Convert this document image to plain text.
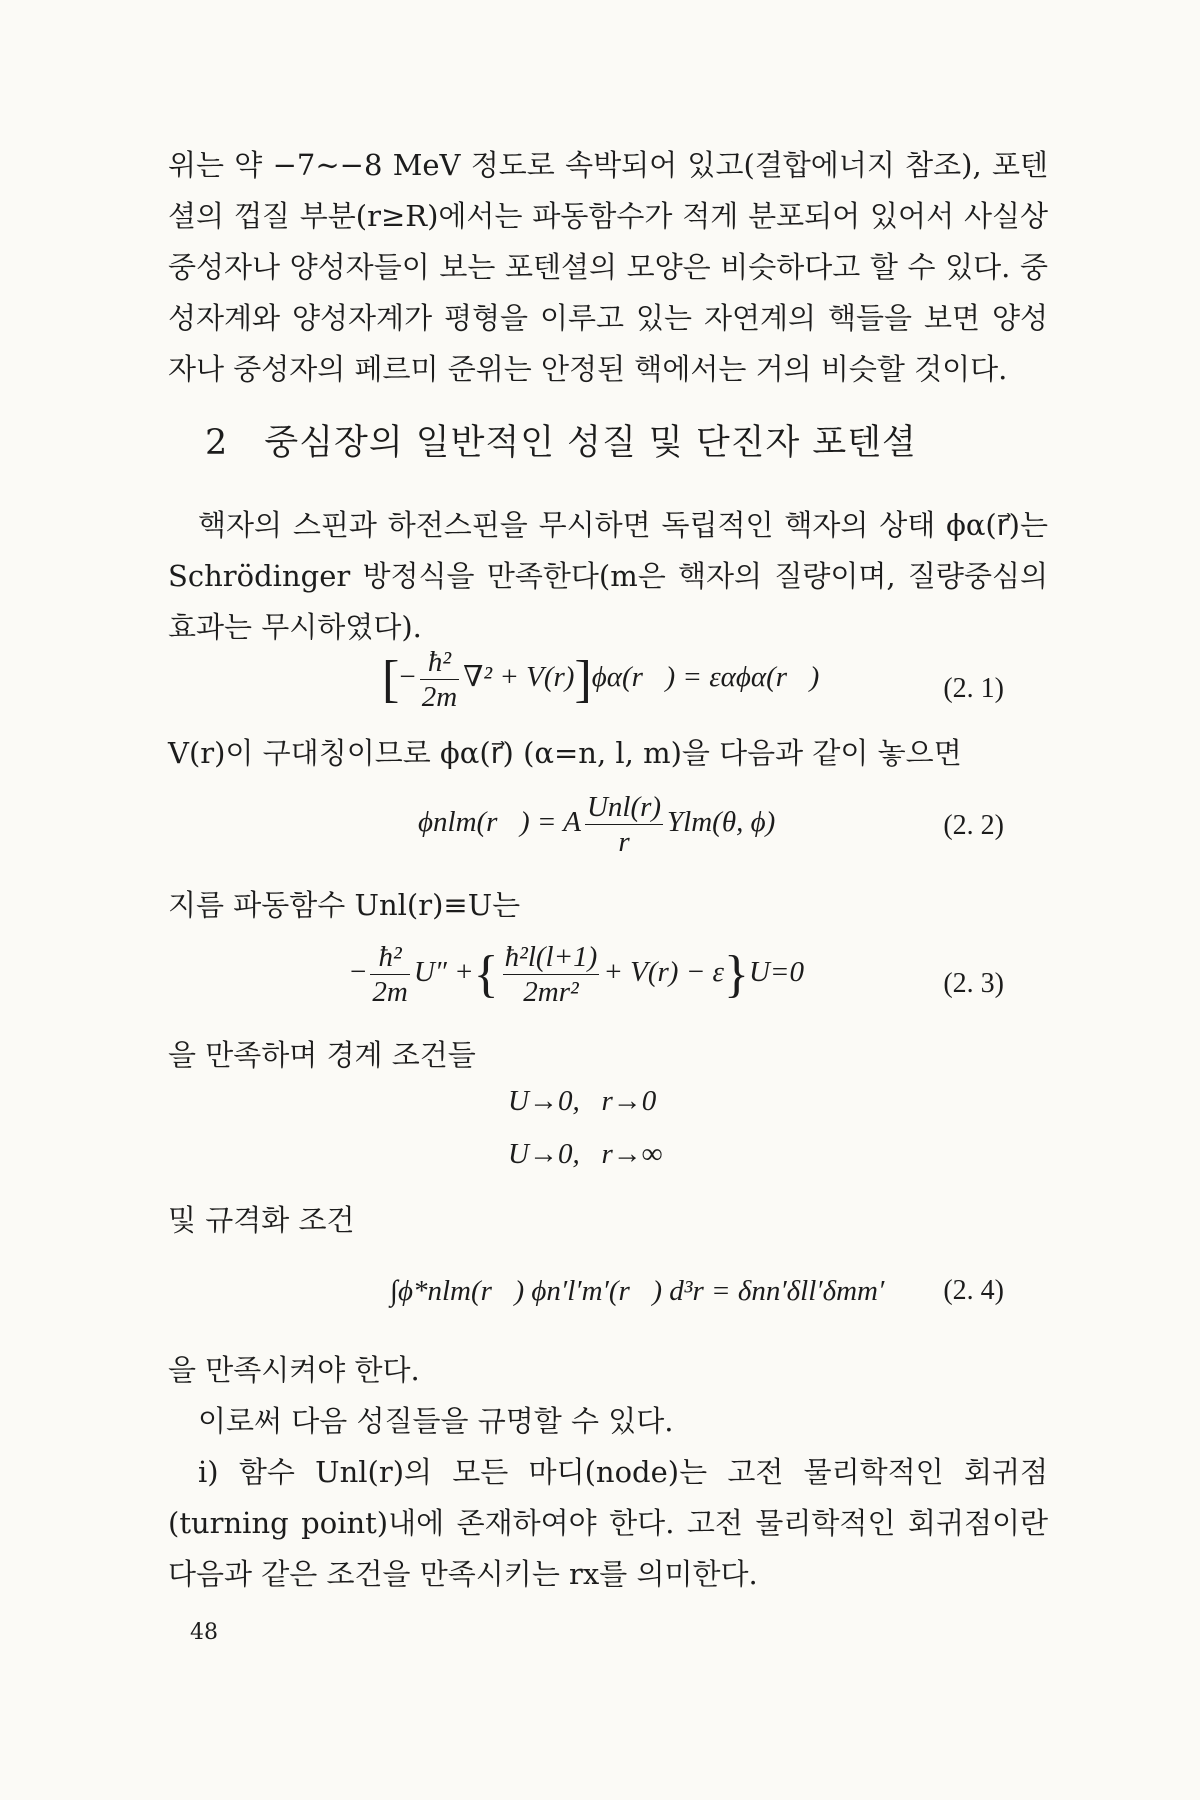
위는 약 −7∼−8 MeV 정도로 속박되어 있고(결합에너지 참조), 포텐셜의 껍질 부분(r≥R)에서는 파동함수가 적게 분포되어 있어서 사실상 중성자나 양성자들이 보는 포텐셜의 모양은 비슷하다고 할 수 있다. 중성자계와 양성자계가 평형을 이루고 있는 자연계의 핵들을 보면 양성자나 중성자의 페르미 준위는 안정된 핵에서는 거의 비슷할 것이다.

2 중심장의 일반적인 성질 및 단진자 포텐셜

핵자의 스핀과 하전스핀을 무시하면 독립적인 핵자의 상태 ϕα(r⃗)는 Schrödinger 방정식을 만족한다(m은 핵자의 질량이며, 질량중심의 효과는 무시하였다).

[− $\frac{\text{ħ²}}{2m} \nabla^2$ + V(r)]ϕα(r⃗) = εαϕα(r⃗)	(2. 1)

V(r)이 구대칭이므로 ϕα(r⃗) (α=n, l, m)을 다음과 같이 놓으면

ϕnlm(r⃗) = A $\frac{\text{Unl(r)}}{r} Ylm(\theta$, ϕ)	(2. 2)

지름 파동함수 Unl(r)≡U는

− $\frac{\text{ħ²}}{2m} U''$ +{ $\frac{\text{ħ²l(l+1)}}{\text{2mr²}} + V(r) - \varepsilon\}U=0$	(2. 3)

을 만족하며 경계 조건들

U→0,   r→0
U→0,   r→∞

및 규격화 조건

∫ϕ*nlm(r⃗) ϕn′l′m′(r⃗) d³r = δnn′δll′δmm′ (2. 4)

을 만족시켜야 한다.

이로써 다음 성질들을 규명할 수 있다.

i) 함수 Unl(r)의 모든 마디(node)는 고전 물리학적인 회귀점(turning point)내에 존재하여야 한다. 고전 물리학적인 회귀점이란 다음과 같은 조건을 만족시키는 rx를 의미한다.

48
